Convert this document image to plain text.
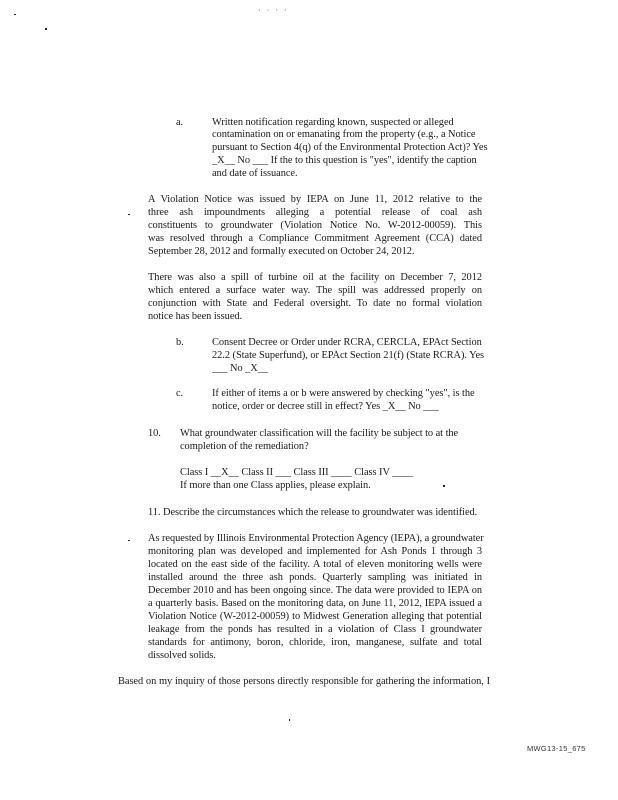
· · · ·
a.	Written notification regarding known, suspected or alleged
contamination on or emanating from the property (e.g., a Notice
pursuant to Section 4(q) of the Environmental Protection Act)? Yes
_X__ No ___ If the to this question is "yes", identify the caption
and date of issuance.
A Violation Notice was issued by IEPA on June 11, 2012 relative to the
three ash impoundments alleging a potential release of coal ash
constituents to groundwater (Violation Notice No. W-2012-00059). This
was resolved through a Compliance Commitment Agreement (CCA) dated
September 28, 2012 and formally executed on October 24, 2012.
There was also a spill of turbine oil at the facility on December 7, 2012
which entered a surface water way. The spill was addressed properly on
conjunction with State and Federal oversight. To date no formal violation
notice has been issued.
b.	Consent Decree or Order under RCRA, CERCLA, EPAct Section
22.2 (State Superfund), or EPAct Section 21(f) (State RCRA). Yes
___ No _X__
c.	If either of items a or b were answered by checking "yes", is the
notice, order or decree still in effect? Yes _X__ No ___
10. What groundwater classification will the facility be subject to at the
completion of the remediation?
Class I __X__ Class II ___ Class III ____ Class IV ____
If more than one Class applies, please explain.
11. Describe the circumstances which the release to groundwater was identified.
As requested by Illinois Environmental Protection Agency (IEPA), a groundwater
monitoring plan was developed and implemented for Ash Ponds 1 through 3
located on the east side of the facility. A total of eleven monitoring wells were
installed around the three ash ponds. Quarterly sampling was initiated in
December 2010 and has been ongoing since. The data were provided to IEPA on
a quarterly basis. Based on the monitoring data, on June 11, 2012, IEPA issued a
Violation Notice (W-2012-00059) to Midwest Generation alleging that potential
leakage from the ponds has resulted in a violation of Class I groundwater
standards for antimony, boron, chloride, iron, manganese, sulfate and total
dissolved solids.
Based on my inquiry of those persons directly responsible for gathering the information, I
MWG13-15_675
